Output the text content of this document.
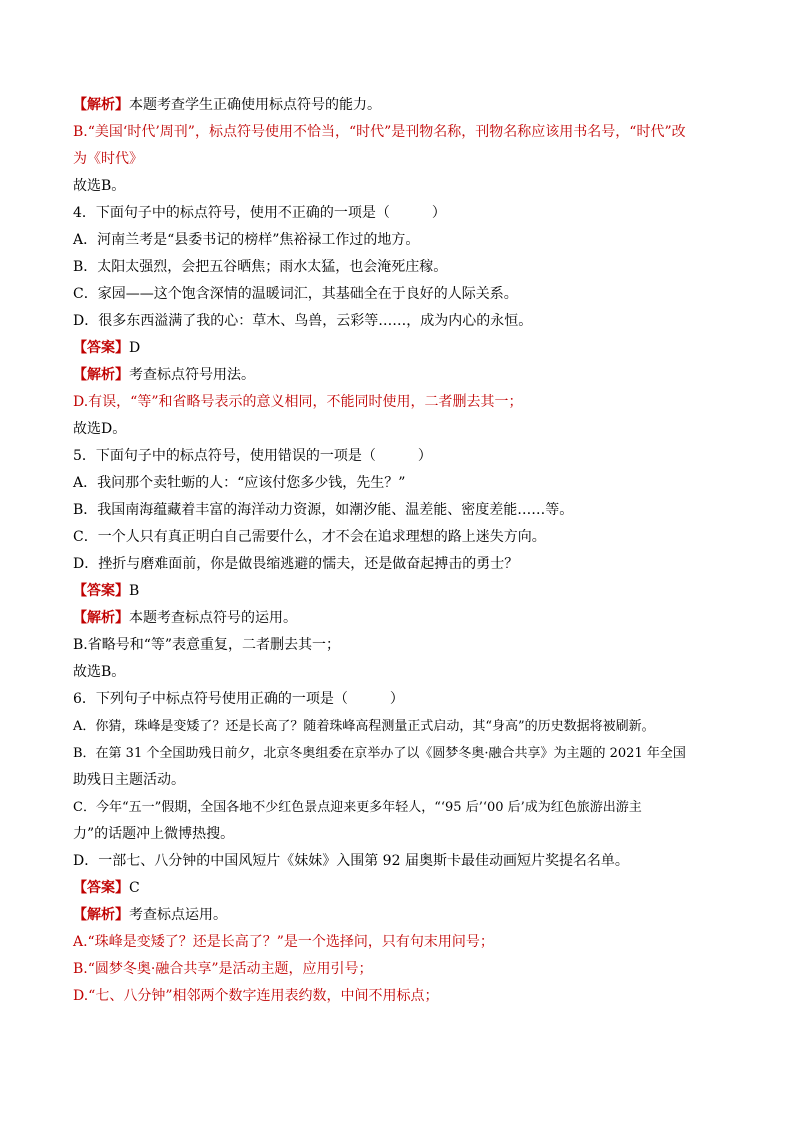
【解析】本题考查学生正确使用标点符号的能力。
B.“美国‘时代’周刊”，标点符号使用不恰当，“时代”是刊物名称，刊物名称应该用书名号，“时代”改
为《时代》
故选B。
4．下面句子中的标点符号，使用不正确的一项是（　　　）
A．河南兰考是“县委书记的榜样”焦裕禄工作过的地方。
B．太阳太强烈，会把五谷晒焦；雨水太猛，也会淹死庄稼。
C．家园——这个饱含深情的温暖词汇，其基础全在于良好的人际关系。
D．很多东西溢满了我的心：草木、鸟兽，云彩等……，成为内心的永恒。
【答案】D
【解析】考查标点符号用法。
D.有误，“等”和省略号表示的意义相同，不能同时使用，二者删去其一；
故选D。
5．下面句子中的标点符号，使用错误的一项是（　　　）
A．我问那个卖牡蛎的人：“应该付您多少钱，先生？”
B．我国南海蕴藏着丰富的海洋动力资源，如潮汐能、温差能、密度差能……等。
C．一个人只有真正明白自己需要什么，才不会在追求理想的路上迷失方向。
D．挫折与磨难面前，你是做畏缩逃避的懦夫，还是做奋起搏击的勇士？
【答案】B
【解析】本题考查标点符号的运用。
B.省略号和“等”表意重复，二者删去其一；
故选B。
6．下列句子中标点符号使用正确的一项是（　　　）
A．你猜，珠峰是变矮了？还是长高了？随着珠峰高程测量正式启动，其“身高”的历史数据将被刷新。
B．在第 31 个全国助残日前夕，北京冬奥组委在京举办了以《圆梦冬奥·融合共享》为主题的 2021 年全国
助残日主题活动。
C．今年“五一”假期，全国各地不少红色景点迎来更多年轻人，“‘95 后’‘00 后’成为红色旅游出游主
力”的话题冲上微博热搜。
D．一部七、八分钟的中国风短片《妹妹》入围第 92 届奥斯卡最佳动画短片奖提名名单。
【答案】C
【解析】考查标点运用。
A.“珠峰是变矮了？还是长高了？”是一个选择问，只有句末用问号；
B.“圆梦冬奥·融合共享”是活动主题，应用引号；
D.“七、八分钟”相邻两个数字连用表约数，中间不用标点；
